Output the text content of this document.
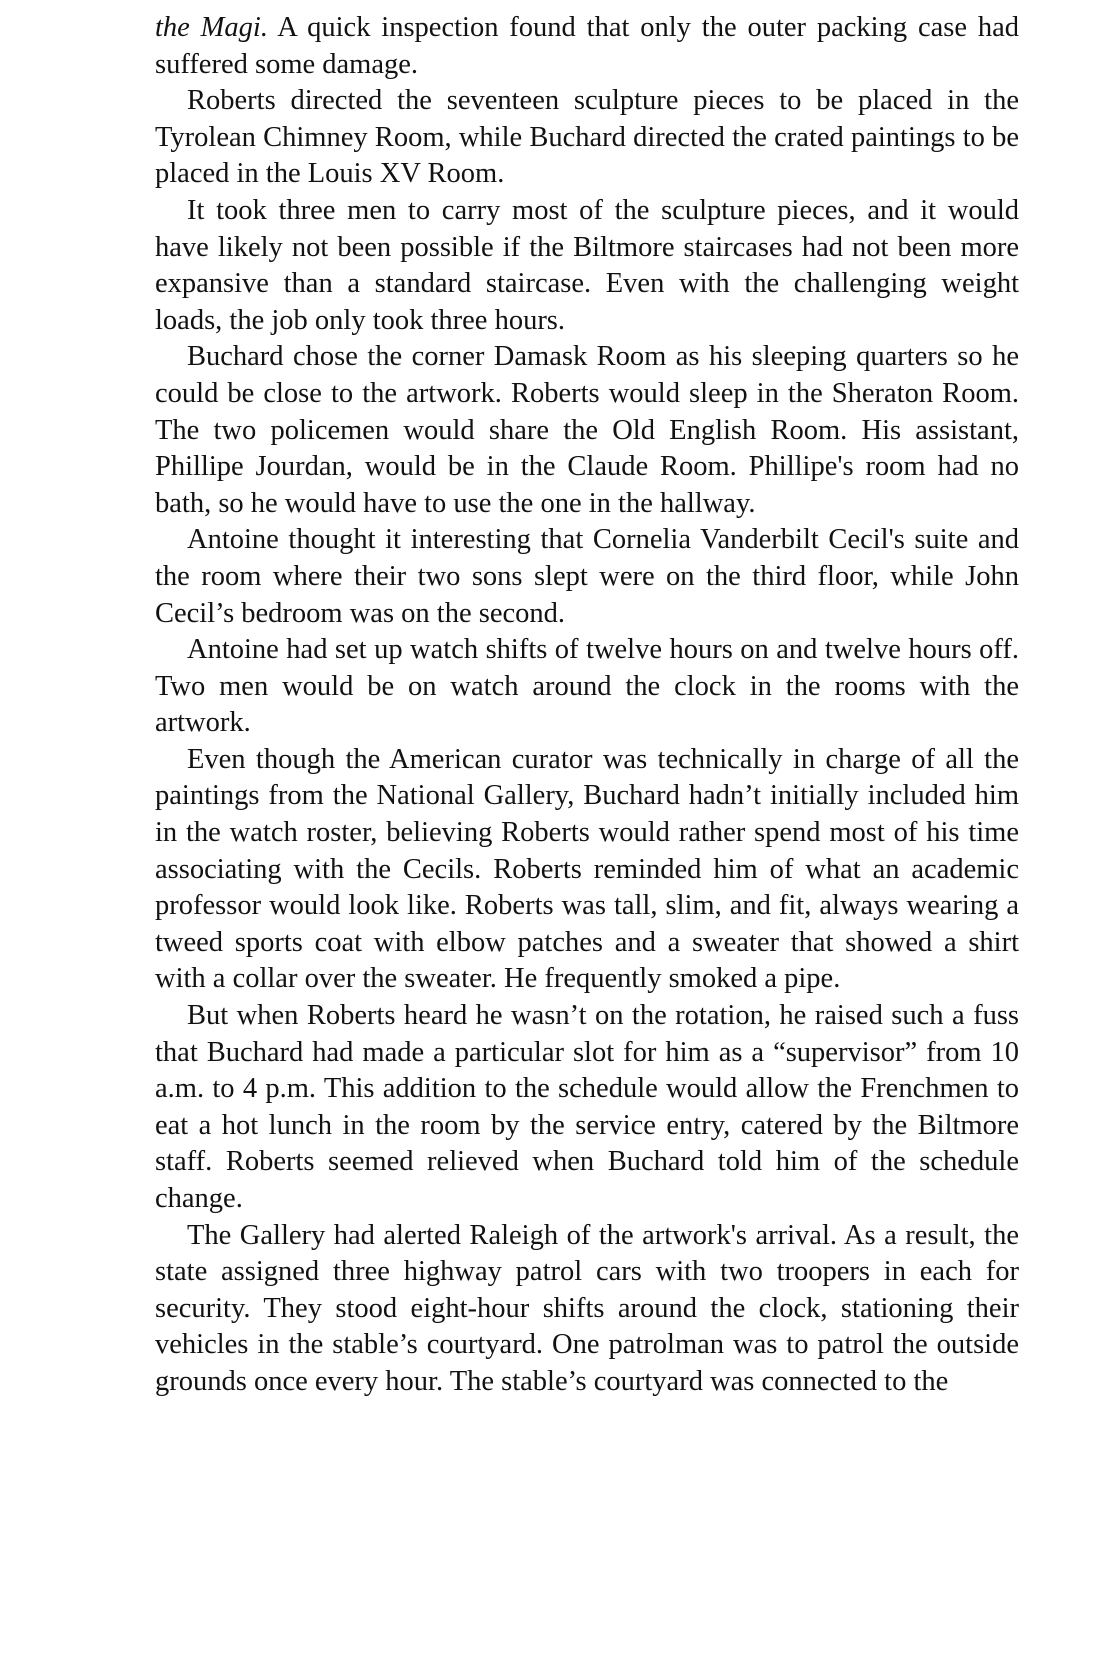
the Magi. A quick inspection found that only the outer packing case had suffered some damage.

Roberts directed the seventeen sculpture pieces to be placed in the Tyrolean Chimney Room, while Buchard directed the crated paintings to be placed in the Louis XV Room.

It took three men to carry most of the sculpture pieces, and it would have likely not been possible if the Biltmore staircases had not been more expansive than a standard staircase. Even with the challenging weight loads, the job only took three hours.

Buchard chose the corner Damask Room as his sleeping quarters so he could be close to the artwork. Roberts would sleep in the Sheraton Room. The two policemen would share the Old English Room. His assistant, Phillipe Jourdan, would be in the Claude Room. Phillipe's room had no bath, so he would have to use the one in the hallway.

Antoine thought it interesting that Cornelia Vanderbilt Cecil's suite and the room where their two sons slept were on the third floor, while John Cecil’s bedroom was on the second.

Antoine had set up watch shifts of twelve hours on and twelve hours off. Two men would be on watch around the clock in the rooms with the artwork.

Even though the American curator was technically in charge of all the paintings from the National Gallery, Buchard hadn’t initially included him in the watch roster, believing Roberts would rather spend most of his time associating with the Cecils. Roberts reminded him of what an academic professor would look like. Roberts was tall, slim, and fit, always wearing a tweed sports coat with elbow patches and a sweater that showed a shirt with a collar over the sweater. He frequently smoked a pipe.

But when Roberts heard he wasn’t on the rotation, he raised such a fuss that Buchard had made a particular slot for him as a “supervisor” from 10 a.m. to 4 p.m. This addition to the schedule would allow the Frenchmen to eat a hot lunch in the room by the service entry, catered by the Biltmore staff. Roberts seemed relieved when Buchard told him of the schedule change.

The Gallery had alerted Raleigh of the artwork's arrival. As a result, the state assigned three highway patrol cars with two troopers in each for security. They stood eight-hour shifts around the clock, stationing their vehicles in the stable’s courtyard. One patrolman was to patrol the outside grounds once every hour. The stable’s courtyard was connected to the
